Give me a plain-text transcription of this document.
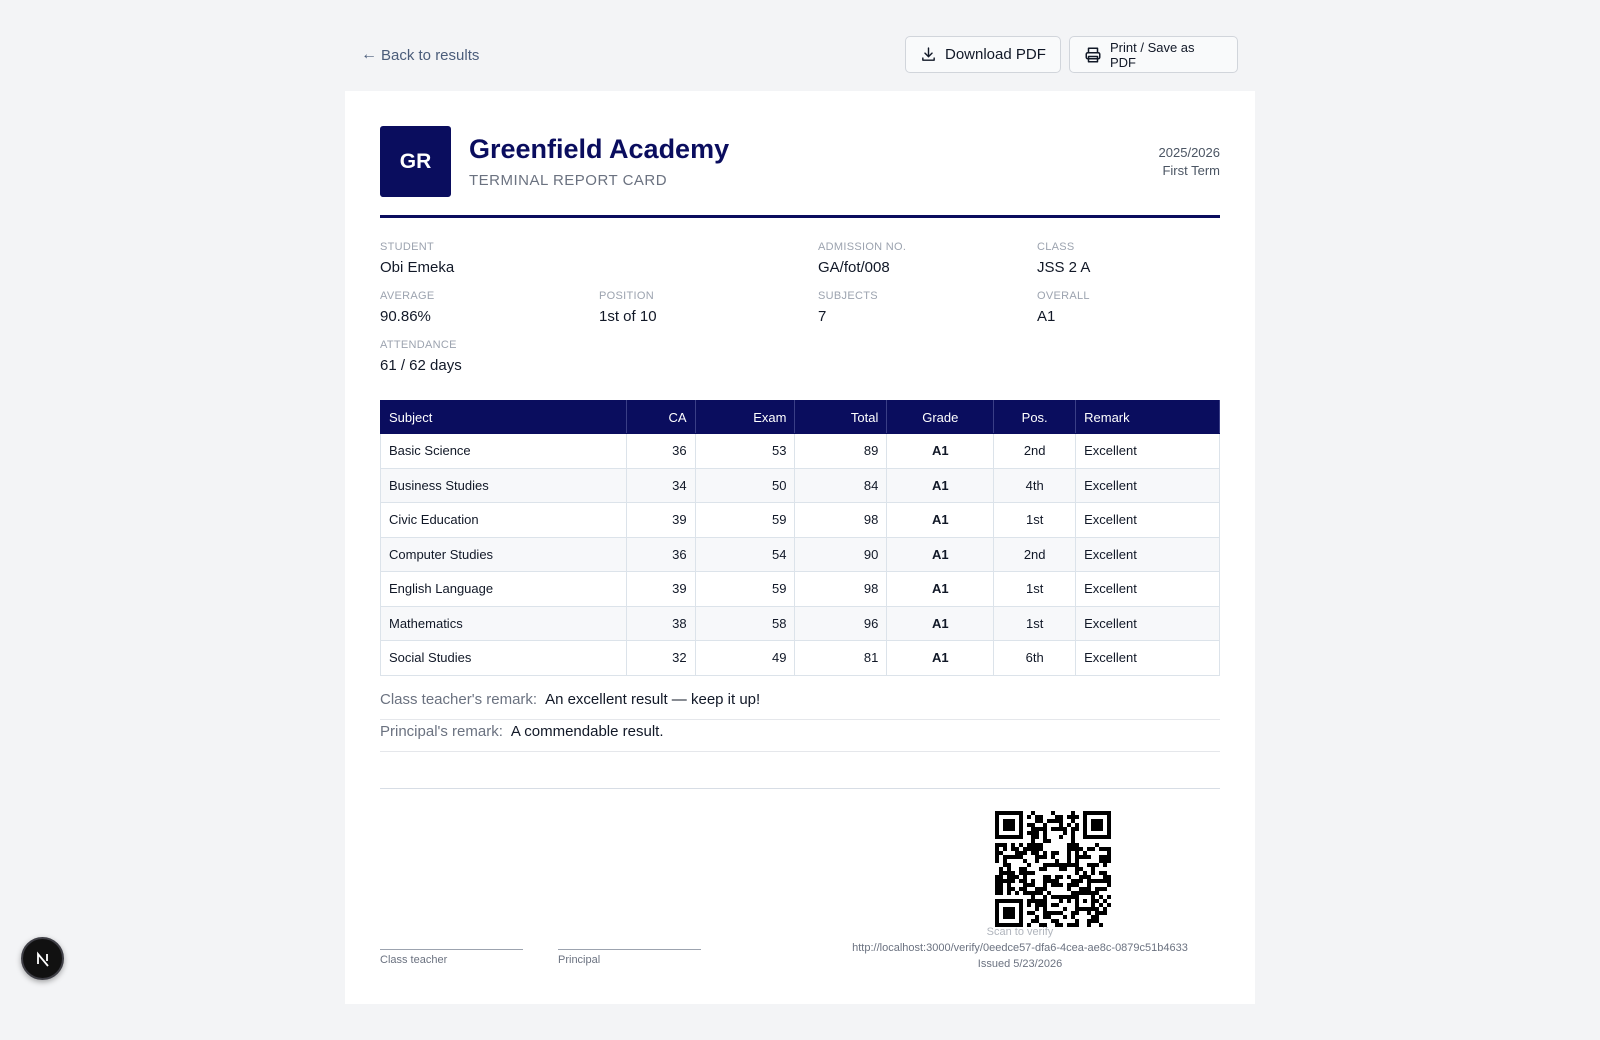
← Back to results	Download PDF	Print / Save as PDF
GR	Greenfield Academy
TERMINAL REPORT CARD
2025/2026
First Term
STUDENT
Obi Emeka
ADMISSION NO.
GA/fot/008
CLASS
JSS 2 A
AVERAGE
90.86%
POSITION
1st of 10
SUBJECTS
7
OVERALL
A1
ATTENDANCE
61 / 62 days
Subject	CA	Exam	Total	Grade	Pos.	Remark
Basic Science	36	53	89	A1	2nd	Excellent
Business Studies	34	50	84	A1	4th	Excellent
Civic Education	39	59	98	A1	1st	Excellent
Computer Studies	36	54	90	A1	2nd	Excellent
English Language	39	59	98	A1	1st	Excellent
Mathematics	38	58	96	A1	1st	Excellent
Social Studies	32	49	81	A1	6th	Excellent
Class teacher's remark: An excellent result — keep it up!
Principal's remark: A commendable result.
Class teacher	Principal
Scan to verify
http://localhost:3000/verify/0eedce57-dfa6-4cea-ae8c-0879c51b4633
Issued 5/23/2026
